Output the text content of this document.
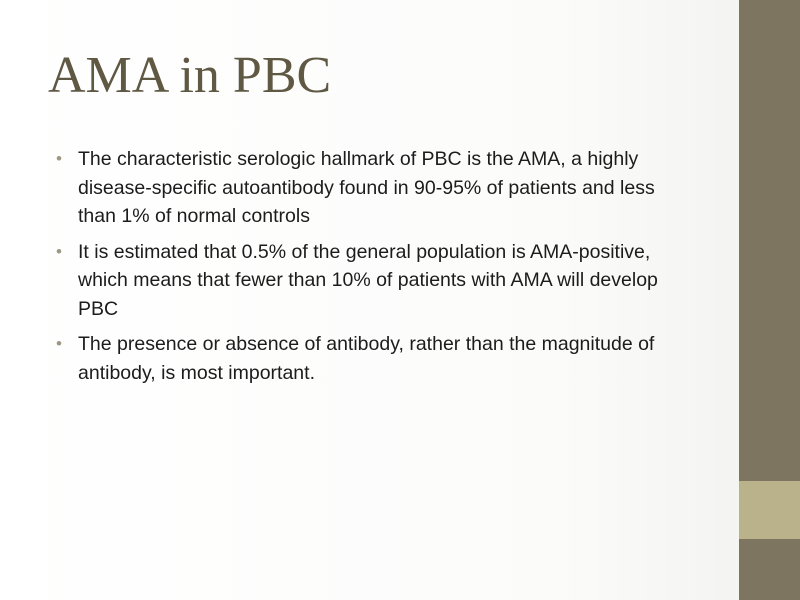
AMA in PBC
• The characteristic serologic hallmark of PBC is the AMA, a highly disease-specific autoantibody found in 90-95% of patients and less than 1% of normal controls
• It is estimated that 0.5% of the general population is AMA-positive, which means that fewer than 10% of patients with AMA will develop PBC
• The presence or absence of antibody, rather than the magnitude of antibody, is most important.
